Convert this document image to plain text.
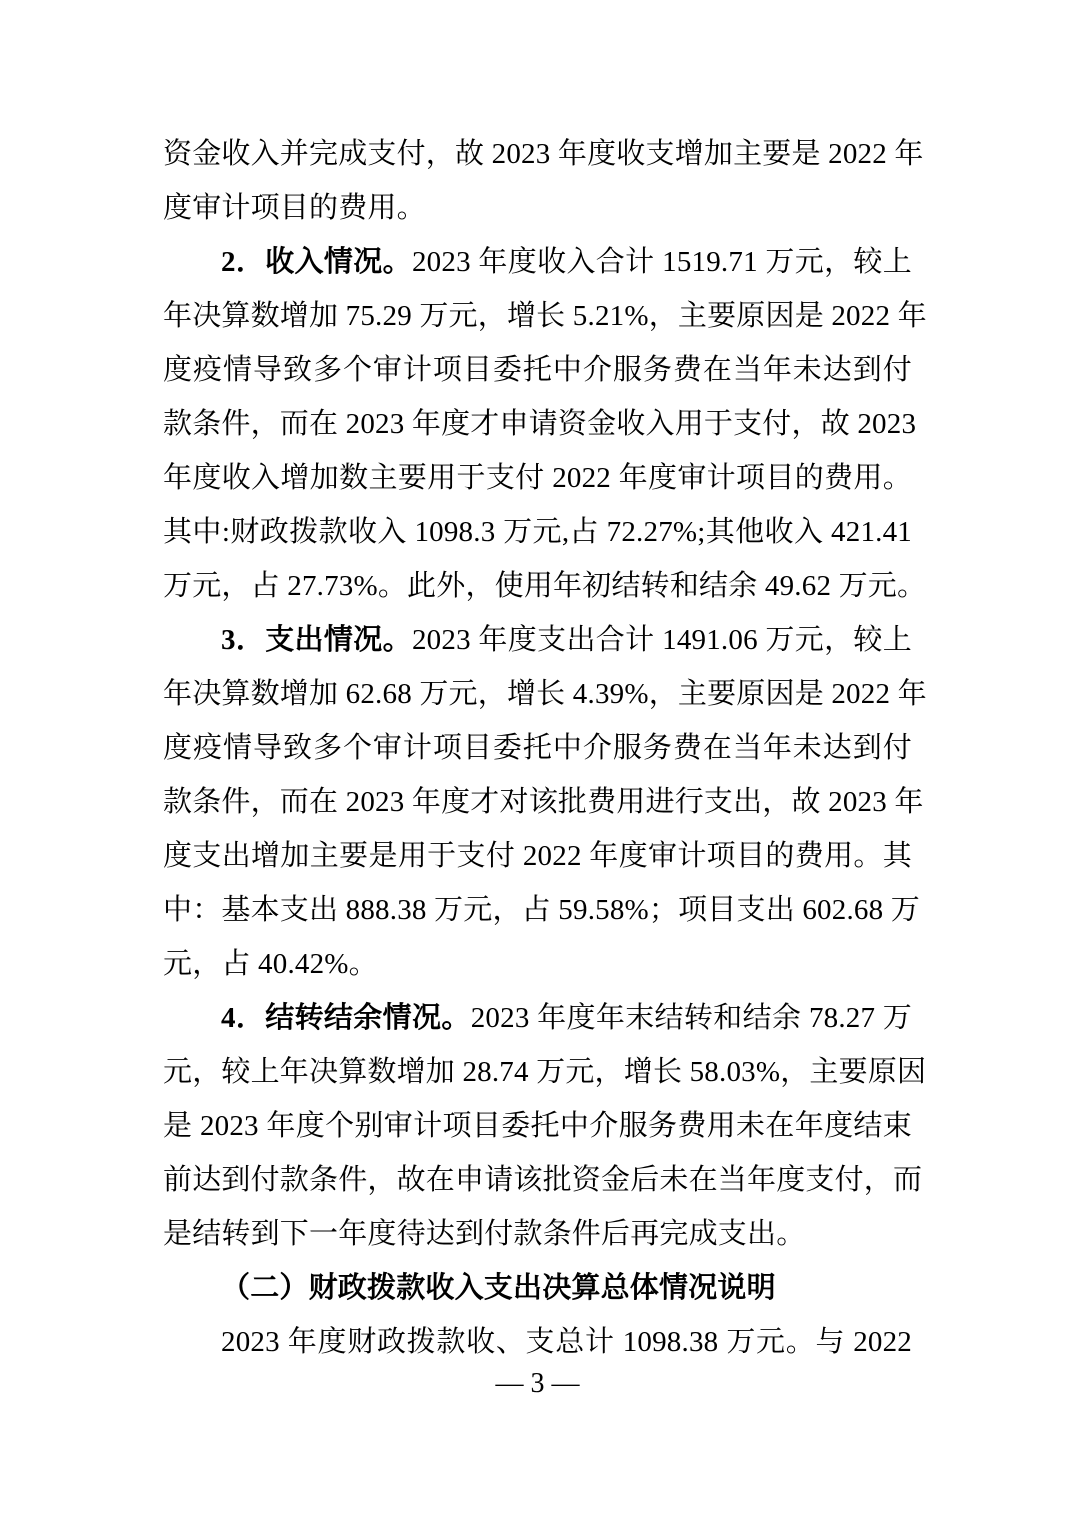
资金收入并完成支付，故 2023 年度收支增加主要是 2022 年
度审计项目的费用。
2．收入情况。2023 年度收入合计 1519.71 万元，较上
年决算数增加 75.29 万元，增长 5.21%，主要原因是 2022 年
度疫情导致多个审计项目委托中介服务费在当年未达到付
款条件，而在 2023 年度才申请资金收入用于支付，故 2023
年度收入增加数主要用于支付 2022 年度审计项目的费用。
其中:财政拨款收入 1098.3 万元,占 72.27%;其他收入 421.41
万元，占 27.73%。此外，使用年初结转和结余 49.62 万元。
3．支出情况。2023 年度支出合计 1491.06 万元，较上
年决算数增加 62.68 万元，增长 4.39%，主要原因是 2022 年
度疫情导致多个审计项目委托中介服务费在当年未达到付
款条件，而在 2023 年度才对该批费用进行支出，故 2023 年
度支出增加主要是用于支付 2022 年度审计项目的费用。其
中：基本支出 888.38 万元，占 59.58%；项目支出 602.68 万
元，占 40.42%。
4．结转结余情况。2023 年度年末结转和结余 78.27 万
元，较上年决算数增加 28.74 万元，增长 58.03%，主要原因
是 2023 年度个别审计项目委托中介服务费用未在年度结束
前达到付款条件，故在申请该批资金后未在当年度支付，而
是结转到下一年度待达到付款条件后再完成支出。
（二）财政拨款收入支出决算总体情况说明
2023 年度财政拨款收、支总计 1098.38 万元。与 2022
— 3 —
